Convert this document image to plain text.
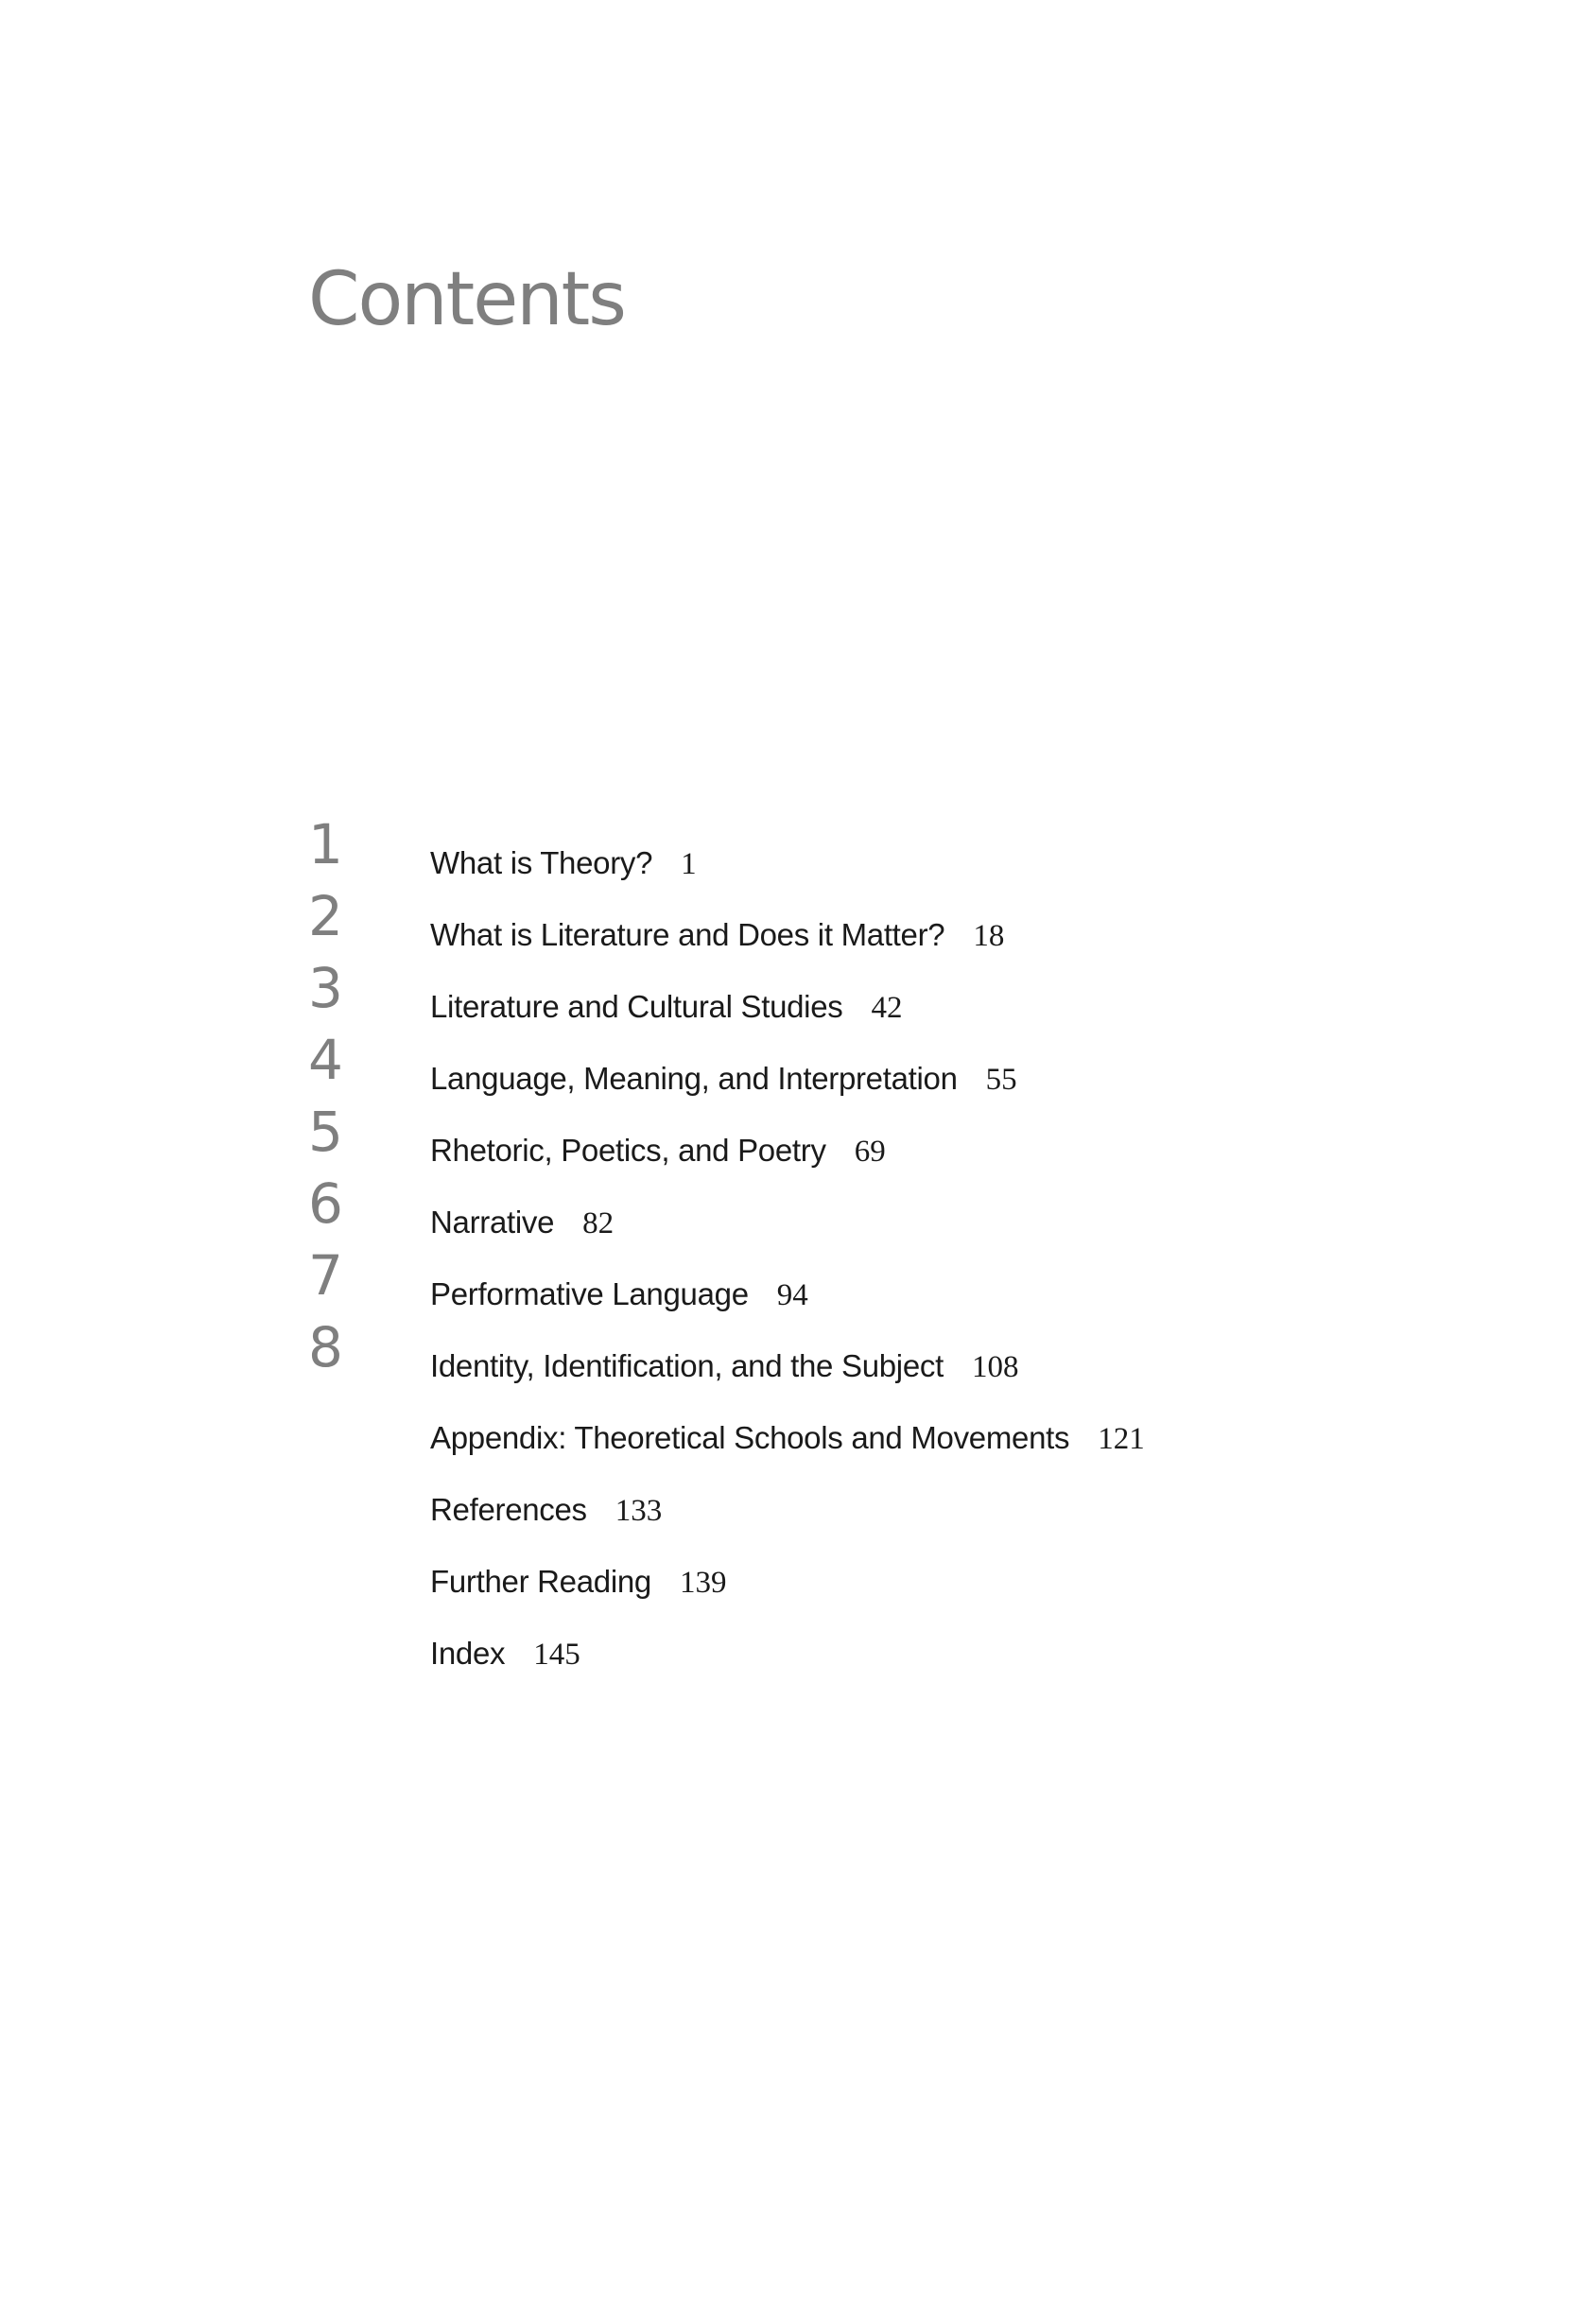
Contents
1	What is Theory? 1
2	What is Literature and Does it Matter? 18
3	Literature and Cultural Studies 42
4	Language, Meaning, and Interpretation 55
5	Rhetoric, Poetics, and Poetry 69
6	Narrative 82
7	Performative Language 94
8	Identity, Identification, and the Subject 108
Appendix: Theoretical Schools and Movements 121
References 133
Further Reading 139
Index 145
